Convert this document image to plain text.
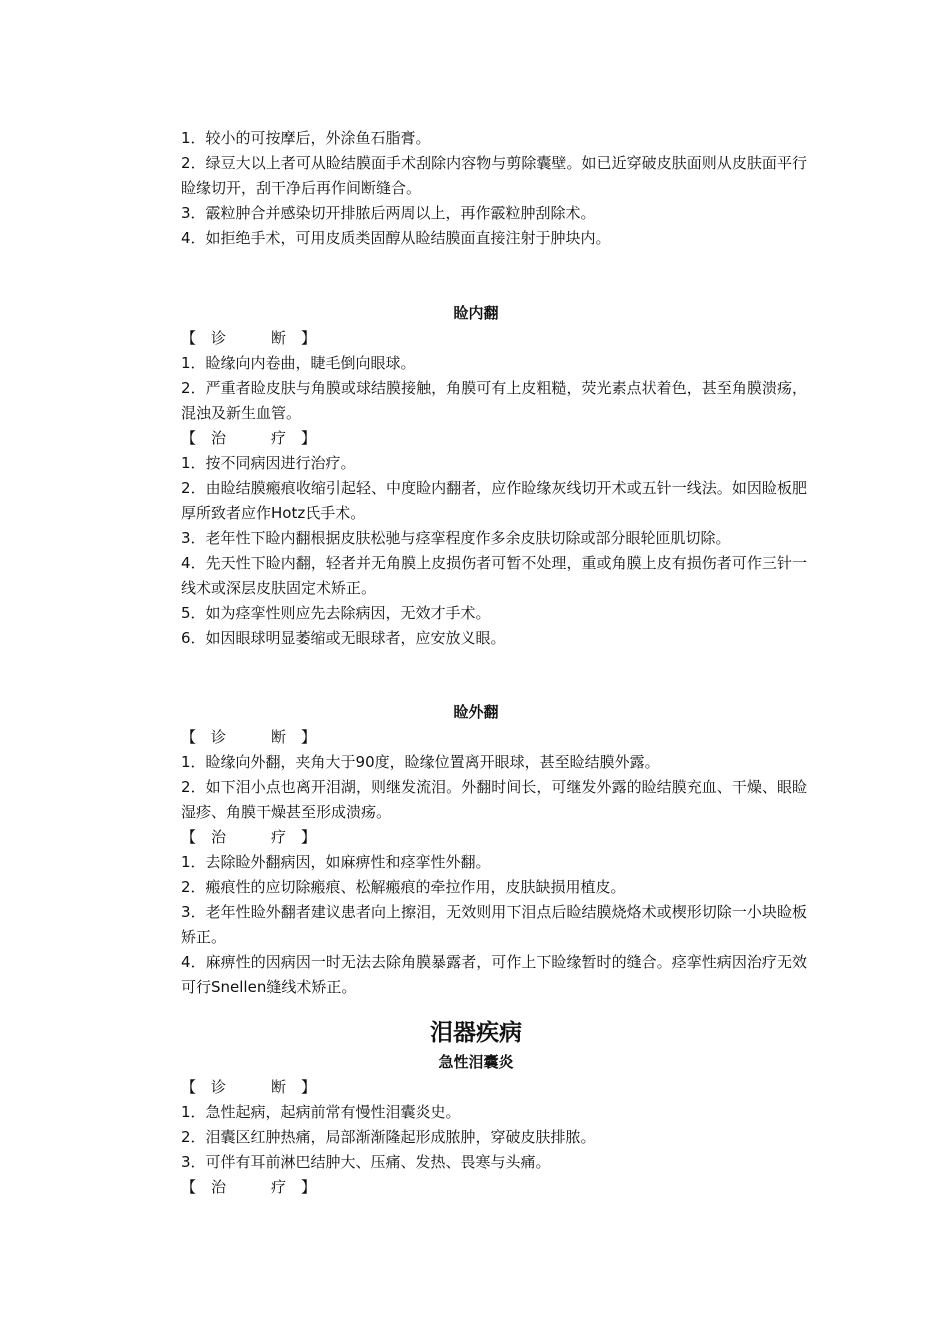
1．较小的可按摩后，外涂鱼石脂膏。

2．绿豆大以上者可从睑结膜面手术刮除内容物与剪除囊壁。如已近穿破皮肤面则从皮肤面平行睑缘切开，刮干净后再作间断缝合。

3．霰粒肿合并感染切开排脓后两周以上，再作霰粒肿刮除术。

4．如拒绝手术，可用皮质类固醇从睑结膜面直接注射于肿块内。

睑内翻

【　诊　　　断　】

1．睑缘向内卷曲，睫毛倒向眼球。

2．严重者睑皮肤与角膜或球结膜接触，角膜可有上皮粗糙，荧光素点状着色，甚至角膜溃疡，混浊及新生血管。

【　治　　　疗　】

1．按不同病因进行治疗。

2．由睑结膜瘢痕收缩引起轻、中度睑内翻者，应作睑缘灰线切开术或五针一线法。如因睑板肥厚所致者应作Hotz氏手术。

3．老年性下睑内翻根据皮肤松驰与痉挛程度作多余皮肤切除或部分眼轮匝肌切除。

4．先天性下睑内翻，轻者并无角膜上皮损伤者可暂不处理，重或角膜上皮有损伤者可作三针一线术或深层皮肤固定术矫正。

5．如为痉挛性则应先去除病因，无效才手术。

6．如因眼球明显萎缩或无眼球者，应安放义眼。

睑外翻

【　诊　　　断　】

1．睑缘向外翻，夹角大于90度，睑缘位置离开眼球，甚至睑结膜外露。

2．如下泪小点也离开泪湖，则继发流泪。外翻时间长，可继发外露的睑结膜充血、干燥、眼睑湿疹、角膜干燥甚至形成溃疡。

【　治　　　疗　】

1．去除睑外翻病因，如麻痹性和痉挛性外翻。

2．瘢痕性的应切除瘢痕、松解瘢痕的牵拉作用，皮肤缺损用植皮。

3．老年性睑外翻者建议患者向上擦泪，无效则用下泪点后睑结膜烧烙术或楔形切除一小块睑板矫正。

4．麻痹性的因病因一时无法去除角膜暴露者，可作上下睑缘暂时的缝合。痉挛性病因治疗无效可行Snellen缝线术矫正。

泪器疾病

急性泪囊炎

【　诊　　　断　】

1．急性起病，起病前常有慢性泪囊炎史。

2．泪囊区红肿热痛，局部渐渐隆起形成脓肿，穿破皮肤排脓。

3．可伴有耳前淋巴结肿大、压痛、发热、畏寒与头痛。

【　治　　　疗　】
